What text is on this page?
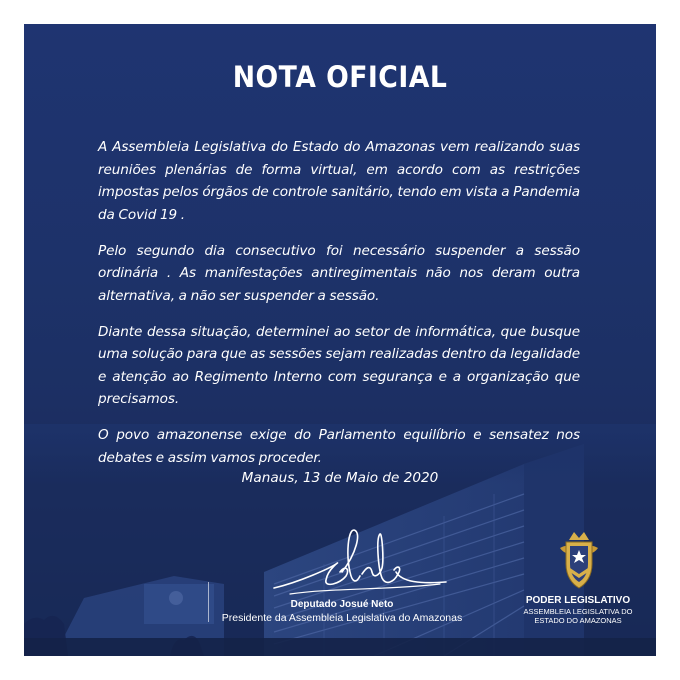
NOTA OFICIAL

A Assembleia Legislativa do Estado do Amazonas vem realizando suas reuniões plenárias de forma virtual, em acordo com as restrições impostas pelos órgãos de controle sanitário, tendo em vista a Pandemia da Covid 19 .

Pelo segundo dia consecutivo foi necessário suspender a sessão ordinária . As manifestações antiregimentais não nos deram outra alternativa, a não ser suspender a sessão.

Diante dessa situação, determinei ao setor de informática, que busque uma solução para que as sessões sejam realizadas dentro da legalidade e atenção ao Regimento Interno com segurança e a organização que precisamos.

O povo amazonense exige do Parlamento equilíbrio e sensatez nos debates e assim vamos proceder.

Manaus, 13 de Maio de 2020
Deputado Josué Neto
Presidente da Assembleia Legislativa do Amazonas
PODER LEGISLATIVO
ASSEMBLEIA LEGISLATIVA DO
ESTADO DO AMAZONAS
